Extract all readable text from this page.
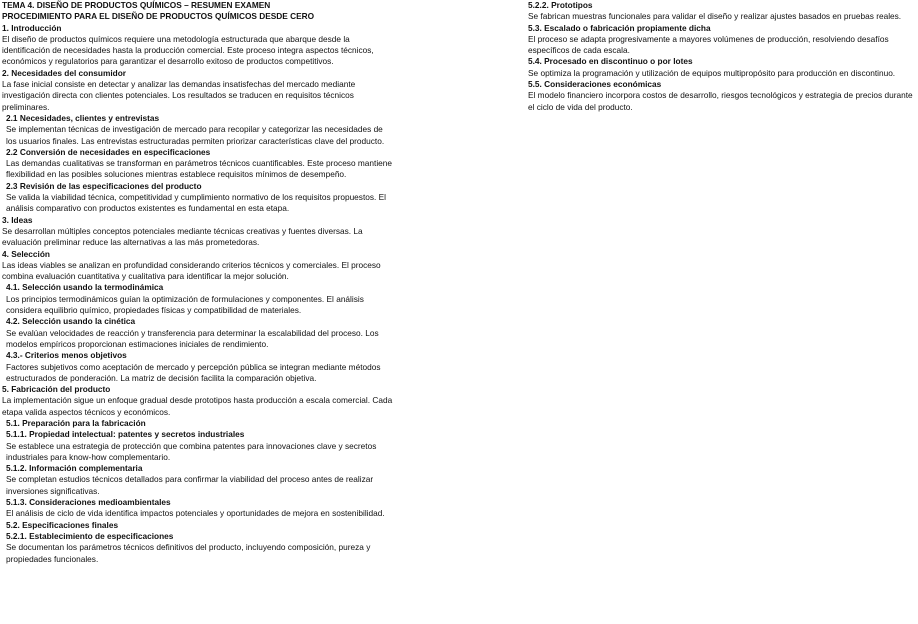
TEMA 4. DISEÑO DE PRODUCTOS QUÍMICOS – RESUMEN EXAMEN
PROCEDIMIENTO PARA EL DISEÑO DE PRODUCTOS QUÍMICOS DESDE CERO
1. Introducción
El diseño de productos químicos requiere una metodología estructurada que abarque desde la identificación de necesidades hasta la producción comercial. Este proceso integra aspectos técnicos, económicos y regulatorios para garantizar el desarrollo exitoso de productos competitivos.
2. Necesidades del consumidor
La fase inicial consiste en detectar y analizar las demandas insatisfechas del mercado mediante investigación directa con clientes potenciales. Los resultados se traducen en requisitos técnicos preliminares.
2.1 Necesidades, clientes y entrevistas
Se implementan técnicas de investigación de mercado para recopilar y categorizar las necesidades de los usuarios finales. Las entrevistas estructuradas permiten priorizar características clave del producto.
2.2 Conversión de necesidades en especificaciones
Las demandas cualitativas se transforman en parámetros técnicos cuantificables. Este proceso mantiene flexibilidad en las posibles soluciones mientras establece requisitos mínimos de desempeño.
2.3 Revisión de las especificaciones del producto
Se valida la viabilidad técnica, competitividad y cumplimiento normativo de los requisitos propuestos. El análisis comparativo con productos existentes es fundamental en esta etapa.
3. Ideas
Se desarrollan múltiples conceptos potenciales mediante técnicas creativas y fuentes diversas. La evaluación preliminar reduce las alternativas a las más prometedoras.
4. Selección
Las ideas viables se analizan en profundidad considerando criterios técnicos y comerciales. El proceso combina evaluación cuantitativa y cualitativa para identificar la mejor solución.
4.1. Selección usando la termodinámica
Los principios termodinámicos guían la optimización de formulaciones y componentes. El análisis considera equilibrio químico, propiedades físicas y compatibilidad de materiales.
4.2. Selección usando la cinética
Se evalúan velocidades de reacción y transferencia para determinar la escalabilidad del proceso. Los modelos empíricos proporcionan estimaciones iniciales de rendimiento.
4.3.- Criterios menos objetivos
Factores subjetivos como aceptación de mercado y percepción pública se integran mediante métodos estructurados de ponderación. La matriz de decisión facilita la comparación objetiva.
5. Fabricación del producto
La implementación sigue un enfoque gradual desde prototipos hasta producción a escala comercial. Cada etapa valida aspectos técnicos y económicos.
5.1. Preparación para la fabricación
5.1.1. Propiedad intelectual: patentes y secretos industriales
Se establece una estrategia de protección que combina patentes para innovaciones clave y secretos industriales para know-how complementario.
5.1.2. Información complementaria
Se completan estudios técnicos detallados para confirmar la viabilidad del proceso antes de realizar inversiones significativas.
5.1.3. Consideraciones medioambientales
El análisis de ciclo de vida identifica impactos potenciales y oportunidades de mejora en sostenibilidad.
5.2. Especificaciones finales
5.2.1. Establecimiento de especificaciones
Se documentan los parámetros técnicos definitivos del producto, incluyendo composición, pureza y propiedades funcionales.
5.2.2. Prototipos
Se fabrican muestras funcionales para validar el diseño y realizar ajustes basados en pruebas reales.
5.3. Escalado o fabricación propiamente dicha
El proceso se adapta progresivamente a mayores volúmenes de producción, resolviendo desafíos específicos de cada escala.
5.4. Procesado en discontinuo o por lotes
Se optimiza la programación y utilización de equipos multipropósito para producción en discontinuo.
5.5. Consideraciones económicas
El modelo financiero incorpora costos de desarrollo, riesgos tecnológicos y estrategia de precios durante el ciclo de vida del producto.
